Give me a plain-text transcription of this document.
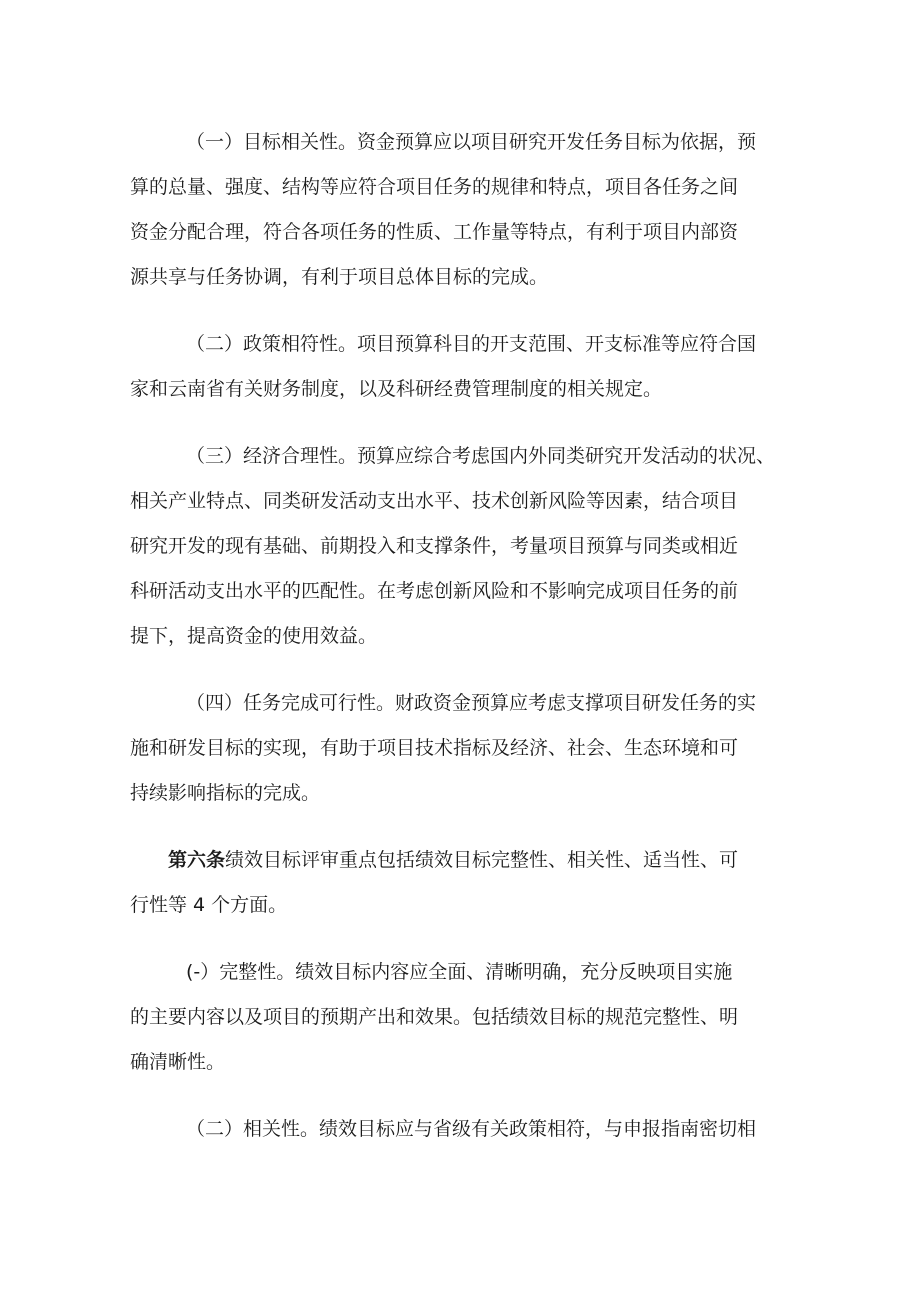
（一）目标相关性。资金预算应以项目研究开发任务目标为依据，预
算的总量、强度、结构等应符合项目任务的规律和特点，项目各任务之间
资金分配合理，符合各项任务的性质、工作量等特点，有利于项目内部资
源共享与任务协调，有利于项目总体目标的完成。
（二）政策相符性。项目预算科目的开支范围、开支标准等应符合国
家和云南省有关财务制度，以及科研经费管理制度的相关规定。
（三）经济合理性。预算应综合考虑国内外同类研究开发活动的状况、
相关产业特点、同类研发活动支出水平、技术创新风险等因素，结合项目
研究开发的现有基础、前期投入和支撑条件，考量项目预算与同类或相近
科研活动支出水平的匹配性。在考虑创新风险和不影响完成项目任务的前
提下，提高资金的使用效益。
（四）任务完成可行性。财政资金预算应考虑支撑项目研发任务的实
施和研发目标的实现，有助于项目技术指标及经济、社会、生态环境和可
持续影响指标的完成。
第六条绩效目标评审重点包括绩效目标完整性、相关性、适当性、可
行性等 4 个方面。
(-）完整性。绩效目标内容应全面、清晰明确，充分反映项目实施
的主要内容以及项目的预期产出和效果。包括绩效目标的规范完整性、明
确清晰性。
（二）相关性。绩效目标应与省级有关政策相符，与申报指南密切相
